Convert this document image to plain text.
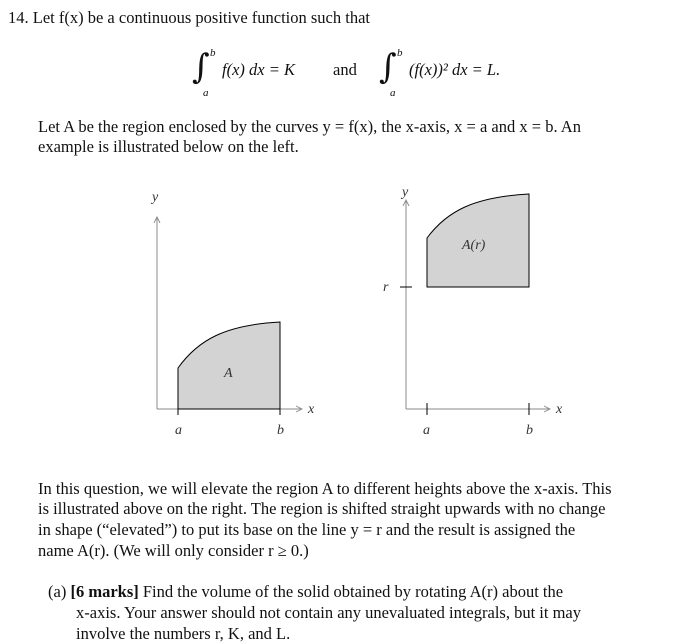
14. Let f(x) be a continuous positive function such that
∫ b
a
f(x) dx = K and ∫ b
a
(f(x))² dx = L.

Let A be the region enclosed by the curves y = f(x), the x-axis, x = a and x = b. An

example is illustrated below on the left.

y
x
a	b
A
y
x
r
a	b
A(r)

In this question, we will elevate the region A to different heights above the x-axis. This

is illustrated above on the right. The region is shifted straight upwards with no change

in shape (“elevated”) to put its base on the line y = r and the result is assigned the

name A(r). (We will only consider r ≥ 0.)

(a) [6 marks] Find the volume of the solid obtained by rotating A(r) about the

x-axis. Your answer should not contain any unevaluated integrals, but it may

involve the numbers r, K, and L.
